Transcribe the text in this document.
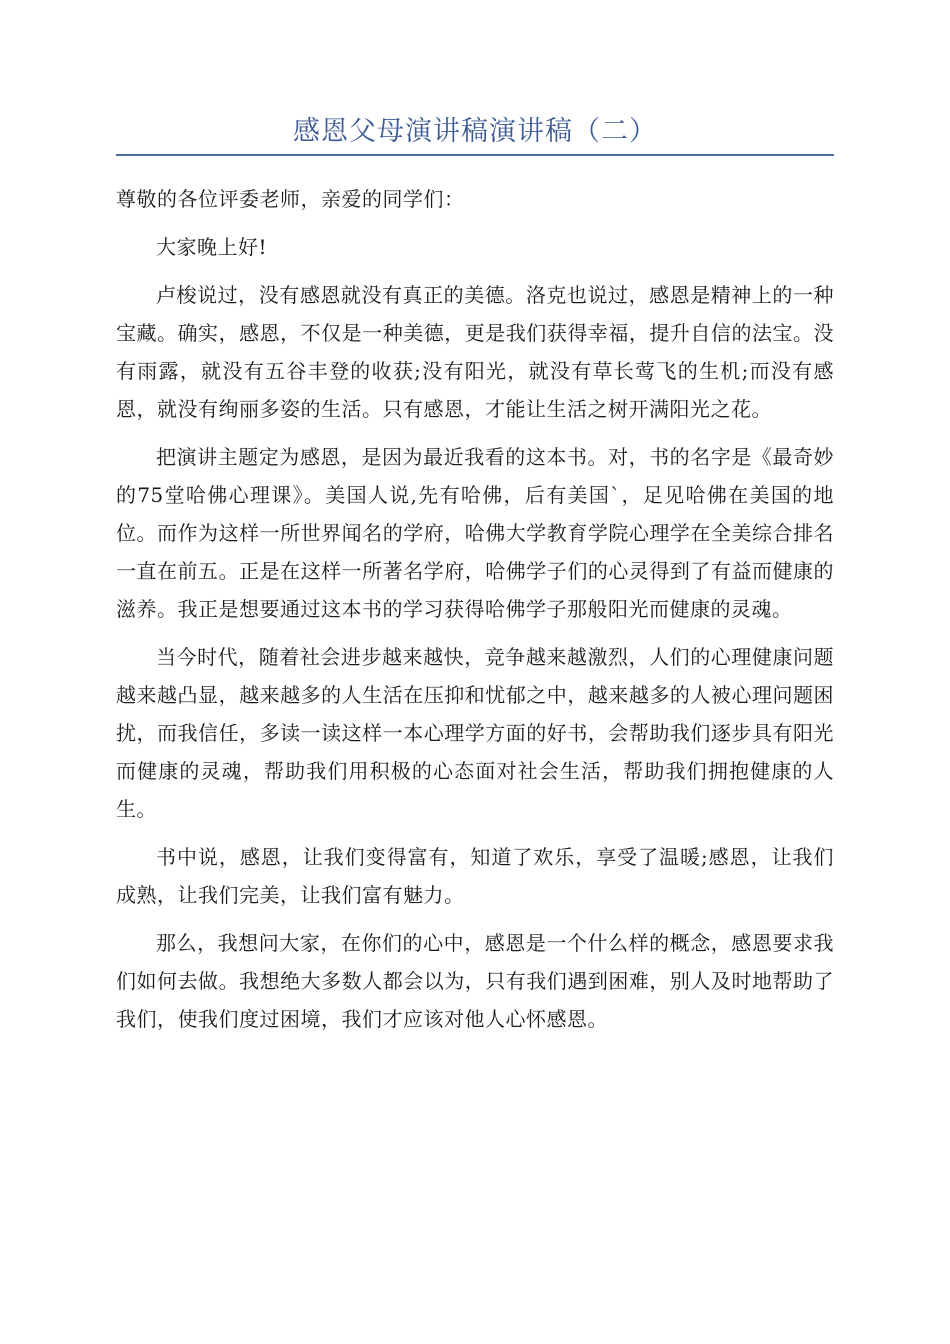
感恩父母演讲稿演讲稿（二）

尊敬的各位评委老师，亲爱的同学们：

大家晚上好!

卢梭说过，没有感恩就没有真正的美德。洛克也说过，感恩是精神上的一种宝藏。确实，感恩，不仅是一种美德，更是我们获得幸福，提升自信的法宝。没有雨露，就没有五谷丰登的收获;没有阳光，就没有草长莺飞的生机;而没有感恩，就没有绚丽多姿的生活。只有感恩，才能让生活之树开满阳光之花。

把演讲主题定为感恩，是因为最近我看的这本书。对，书的名字是《最奇妙的75堂哈佛心理课》。美国人说,先有哈佛，后有美国`，足见哈佛在美国的地位。而作为这样一所世界闻名的学府，哈佛大学教育学院心理学在全美综合排名一直在前五。正是在这样一所著名学府，哈佛学子们的心灵得到了有益而健康的滋养。我正是想要通过这本书的学习获得哈佛学子那般阳光而健康的灵魂。

当今时代，随着社会进步越来越快，竞争越来越激烈，人们的心理健康问题越来越凸显，越来越多的人生活在压抑和忧郁之中，越来越多的人被心理问题困扰，而我信任，多读一读这样一本心理学方面的好书，会帮助我们逐步具有阳光而健康的灵魂，帮助我们用积极的心态面对社会生活，帮助我们拥抱健康的人生。

书中说，感恩，让我们变得富有，知道了欢乐，享受了温暖;感恩，让我们成熟，让我们完美，让我们富有魅力。

那么，我想问大家，在你们的心中，感恩是一个什么样的概念，感恩要求我们如何去做。我想绝大多数人都会以为，只有我们遇到困难，别人及时地帮助了我们，使我们度过困境，我们才应该对他人心怀感恩。
